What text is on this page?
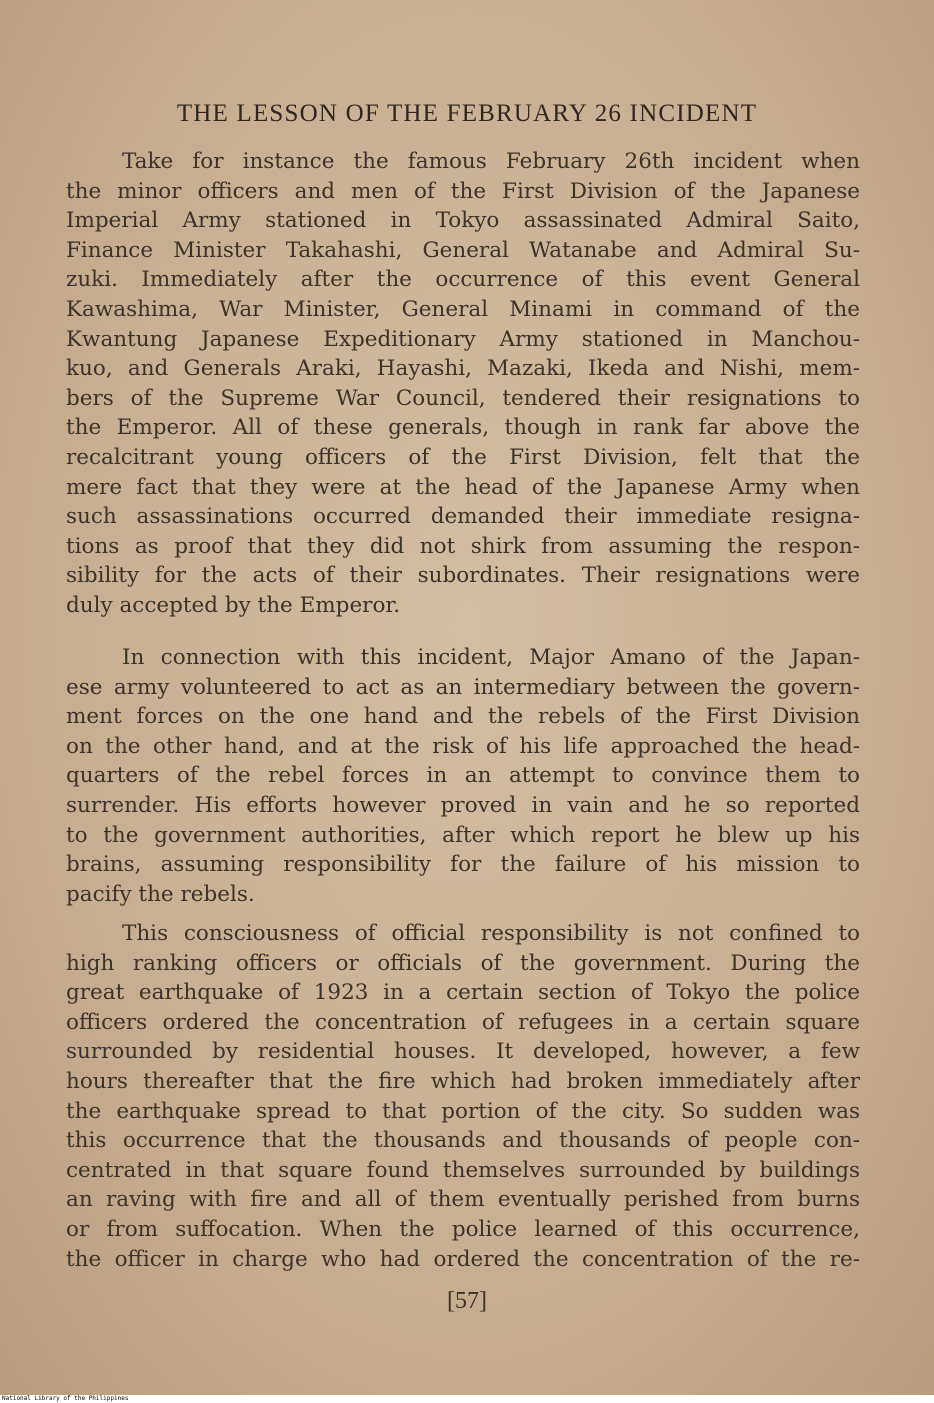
THE LESSON OF THE FEBRUARY 26 INCIDENT
Take for instance the famous February 26th incident when
the minor officers and men of the First Division of the Japanese
Imperial Army stationed in Tokyo assassinated Admiral Saito,
Finance Minister Takahashi, General Watanabe and Admiral Su-
zuki. Immediately after the occurrence of this event General
Kawashima, War Minister, General Minami in command of the
Kwantung Japanese Expeditionary Army stationed in Manchou-
kuo, and Generals Araki, Hayashi, Mazaki, Ikeda and Nishi, mem-
bers of the Supreme War Council, tendered their resignations to
the Emperor. All of these generals, though in rank far above the
recalcitrant young officers of the First Division, felt that the
mere fact that they were at the head of the Japanese Army when
such assassinations occurred demanded their immediate resigna-
tions as proof that they did not shirk from assuming the respon-
sibility for the acts of their subordinates. Their resignations were
duly accepted by the Emperor.
In connection with this incident, Major Amano of the Japan-
ese army volunteered to act as an intermediary between the govern-
ment forces on the one hand and the rebels of the First Division
on the other hand, and at the risk of his life approached the head-
quarters of the rebel forces in an attempt to convince them to
surrender. His efforts however proved in vain and he so reported
to the government authorities, after which report he blew up his
brains, assuming responsibility for the failure of his mission to
pacify the rebels.
This consciousness of official responsibility is not confined to
high ranking officers or officials of the government. During the
great earthquake of 1923 in a certain section of Tokyo the police
officers ordered the concentration of refugees in a certain square
surrounded by residential houses. It developed, however, a few
hours thereafter that the fire which had broken immediately after
the earthquake spread to that portion of the city. So sudden was
this occurrence that the thousands and thousands of people con-
centrated in that square found themselves surrounded by buildings
an raving with fire and all of them eventually perished from burns
or from suffocation. When the police learned of this occurrence,
the officer in charge who had ordered the concentration of the re-
[57]
National Library of the Philippines
